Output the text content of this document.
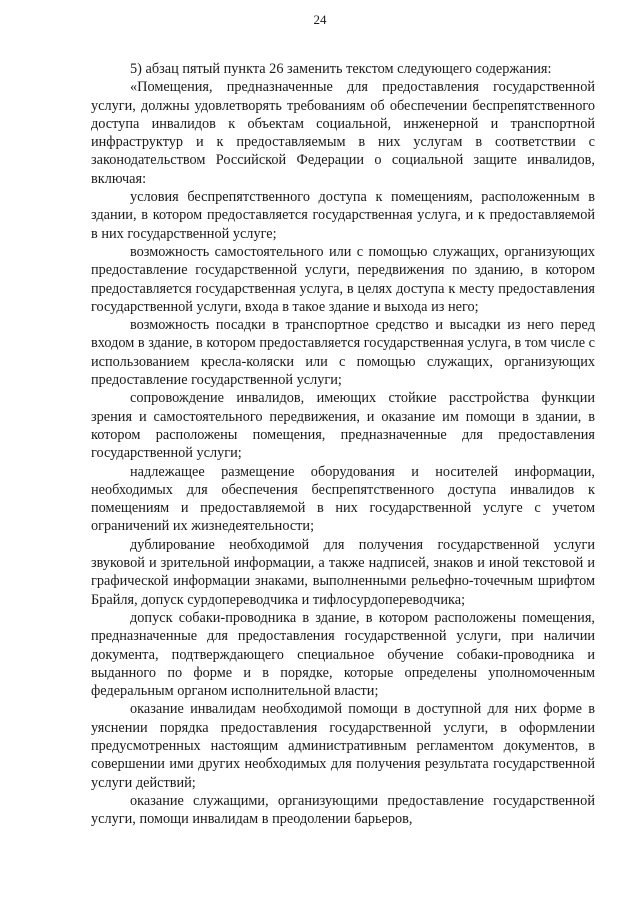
24

5) абзац пятый пункта 26 заменить текстом следующего содержания:

«Помещения, предназначенные для предоставления государственной услуги, должны удовлетворять требованиям об обеспечении беспрепятственного доступа инвалидов к объектам социальной, инженерной и транспортной инфраструктур и к предоставляемым в них услугам в соответствии с законодательством Российской Федерации о социальной защите инвалидов, включая:

условия беспрепятственного доступа к помещениям, расположенным в здании, в котором предоставляется государственная услуга, и к предоставляемой в них государственной услуге;

возможность самостоятельного или с помощью служащих, организующих предоставление государственной услуги, передвижения по зданию, в котором предоставляется государственная услуга, в целях доступа к месту предоставления государственной услуги, входа в такое здание и выхода из него;

возможность посадки в транспортное средство и высадки из него перед входом в здание, в котором предоставляется государственная услуга, в том числе с использованием кресла-коляски или с помощью служащих, организующих предоставление государственной услуги;

сопровождение инвалидов, имеющих стойкие расстройства функции зрения и самостоятельного передвижения, и оказание им помощи в здании, в котором расположены помещения, предназначенные для предоставления государственной услуги;

надлежащее размещение оборудования и носителей информации, необходимых для обеспечения беспрепятственного доступа инвалидов к помещениям и предоставляемой в них государственной услуге с учетом ограничений их жизнедеятельности;

дублирование необходимой для получения государственной услуги звуковой и зрительной информации, а также надписей, знаков и иной текстовой и графической информации знаками, выполненными рельефно-точечным шрифтом Брайля, допуск сурдопереводчика и тифлосурдопереводчика;

допуск собаки-проводника в здание, в котором расположены помещения, предназначенные для предоставления государственной услуги, при наличии документа, подтверждающего специальное обучение собаки-проводника и выданного по форме и в порядке, которые определены уполномоченным федеральным органом исполнительной власти;

оказание инвалидам необходимой помощи в доступной для них форме в уяснении порядка предоставления государственной услуги, в оформлении предусмотренных настоящим административным регламентом документов, в совершении ими других необходимых для получения результата государственной услуги действий;

оказание служащими, организующими предоставление государственной услуги, помощи инвалидам в преодолении барьеров,
